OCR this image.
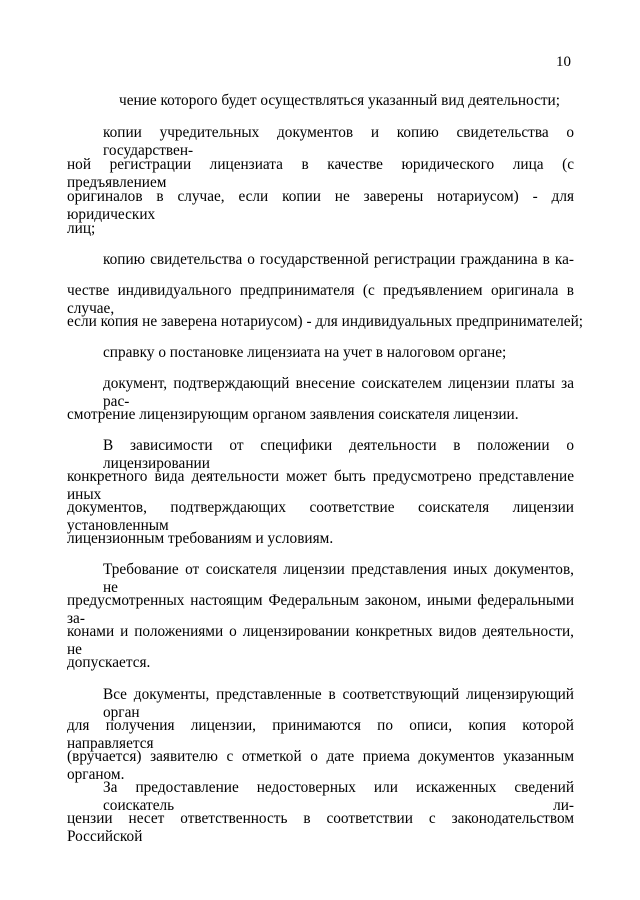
10
чение которого будет осуществляться указанный вид деятельности;
копии учредительных документов и копию свидетельства о государствен-
ной регистрации лицензиата в качестве юридического лица (с предъявлением
оригиналов в случае, если копии не заверены нотариусом) - для юридических
лиц;
копию свидетельства о государственной регистрации гражданина в ка-
честве индивидуального предпринимателя (с предъявлением оригинала в случае,
если копия не заверена нотариусом) - для индивидуальных предпринимателей;
справку о постановке лицензиата на учет в налоговом органе;
документ, подтверждающий внесение соискателем лицензии платы за рас-
смотрение лицензирующим органом заявления соискателя лицензии.
В зависимости от специфики деятельности в положении о лицензировании
конкретного вида деятельности может быть предусмотрено представление иных
документов, подтверждающих соответствие соискателя лицензии установленным
лицензионным требованиям и условиям.
Требование от соискателя лицензии представления иных документов, не
предусмотренных настоящим Федеральным законом, иными федеральными за-
конами и положениями о лицензировании конкретных видов деятельности, не
допускается.
Все документы, представленные в соответствующий лицензирующий орган
для получения лицензии, принимаются по описи, копия которой направляется
(вручается) заявителю с отметкой о дате приема документов указанным органом.
За предоставление недостоверных или искаженных сведений соискатель ли-
цензии несет ответственность в соответствии с законодательством Российской
